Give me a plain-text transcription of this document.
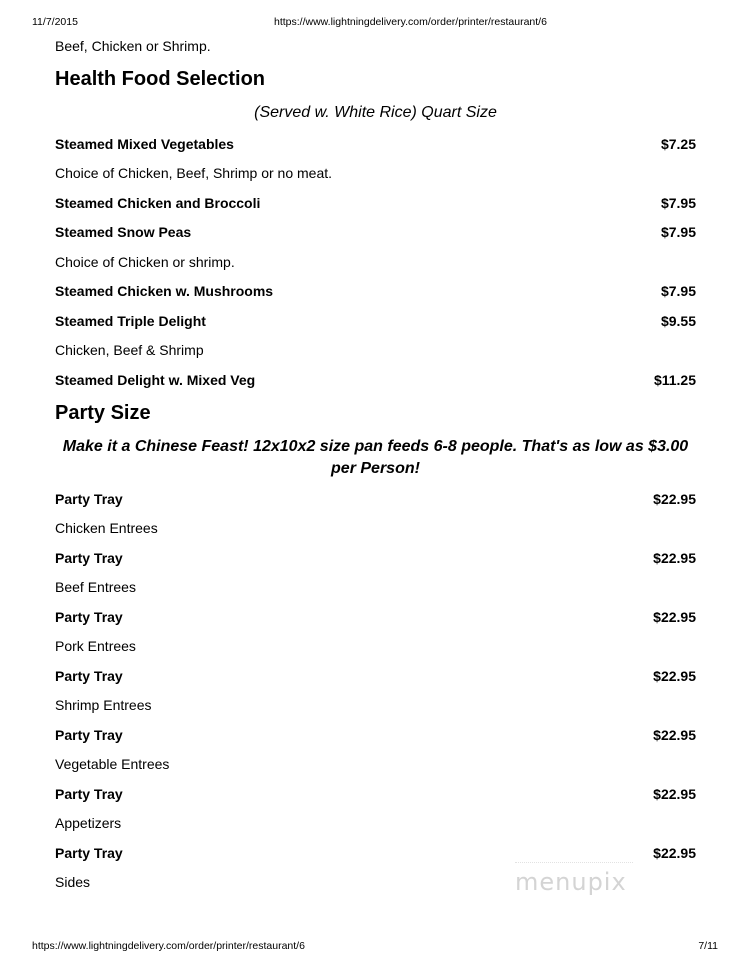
11/7/2015	https://www.lightningdelivery.com/order/printer/restaurant/6
Beef, Chicken or Shrimp.
Health Food Selection
(Served w. White Rice) Quart Size
Steamed Mixed Vegetables	$7.25
Choice of Chicken, Beef, Shrimp or no meat.
Steamed Chicken and Broccoli	$7.95
Steamed Snow Peas	$7.95
Choice of Chicken or shrimp.
Steamed Chicken w. Mushrooms	$7.95
Steamed Triple Delight	$9.55
Chicken, Beef & Shrimp
Steamed Delight w. Mixed Veg	$11.25
Party Size
Make it a Chinese Feast! 12x10x2 size pan feeds 6-8 people. That's as low as $3.00
per Person!
Party Tray	$22.95
Chicken Entrees
Party Tray	$22.95
Beef Entrees
Party Tray	$22.95
Pork Entrees
Party Tray	$22.95
Shrimp Entrees
Party Tray	$22.95
Vegetable Entrees
Party Tray	$22.95
Appetizers
Party Tray	$22.95
Sides	menupix
https://www.lightningdelivery.com/order/printer/restaurant/6	7/11
